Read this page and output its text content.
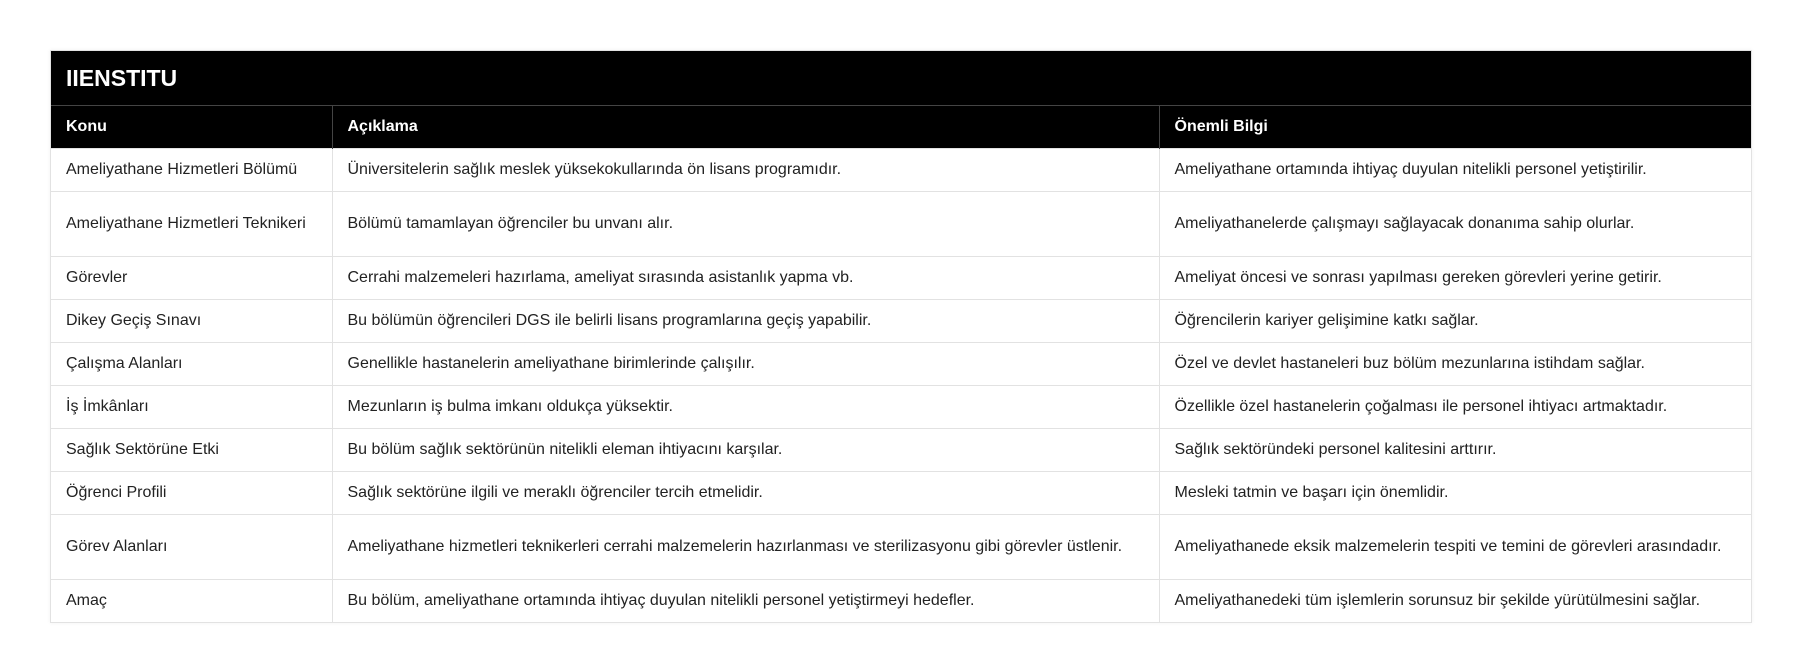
IIENSTITU
Konu	Açıklama	Önemli Bilgi
Ameliyathane Hizmetleri Bölümü	Üniversitelerin sağlık meslek yüksekokullarında ön lisans programıdır.	Ameliyathane ortamında ihtiyaç duyulan nitelikli personel yetiştirilir.
Ameliyathane Hizmetleri Teknikeri	Bölümü tamamlayan öğrenciler bu unvanı alır.	Ameliyathanelerde çalışmayı sağlayacak donanıma sahip olurlar.
Görevler	Cerrahi malzemeleri hazırlama, ameliyat sırasında asistanlık yapma vb.	Ameliyat öncesi ve sonrası yapılması gereken görevleri yerine getirir.
Dikey Geçiş Sınavı	Bu bölümün öğrencileri DGS ile belirli lisans programlarına geçiş yapabilir.	Öğrencilerin kariyer gelişimine katkı sağlar.
Çalışma Alanları	Genellikle hastanelerin ameliyathane birimlerinde çalışılır.	Özel ve devlet hastaneleri buz bölüm mezunlarına istihdam sağlar.
İş İmkânları	Mezunların iş bulma imkanı oldukça yüksektir.	Özellikle özel hastanelerin çoğalması ile personel ihtiyacı artmaktadır.
Sağlık Sektörüne Etki	Bu bölüm sağlık sektörünün nitelikli eleman ihtiyacını karşılar.	Sağlık sektöründeki personel kalitesini arttırır.
Öğrenci Profili	Sağlık sektörüne ilgili ve meraklı öğrenciler tercih etmelidir.	Mesleki tatmin ve başarı için önemlidir.
Görev Alanları	Ameliyathane hizmetleri teknikerleri cerrahi malzemelerin hazırlanması ve sterilizasyonu gibi görevler üstlenir.	Ameliyathanede eksik malzemelerin tespiti ve temini de görevleri arasındadır.
Amaç	Bu bölüm, ameliyathane ortamında ihtiyaç duyulan nitelikli personel yetiştirmeyi hedefler.	Ameliyathanedeki tüm işlemlerin sorunsuz bir şekilde yürütülmesini sağlar.
